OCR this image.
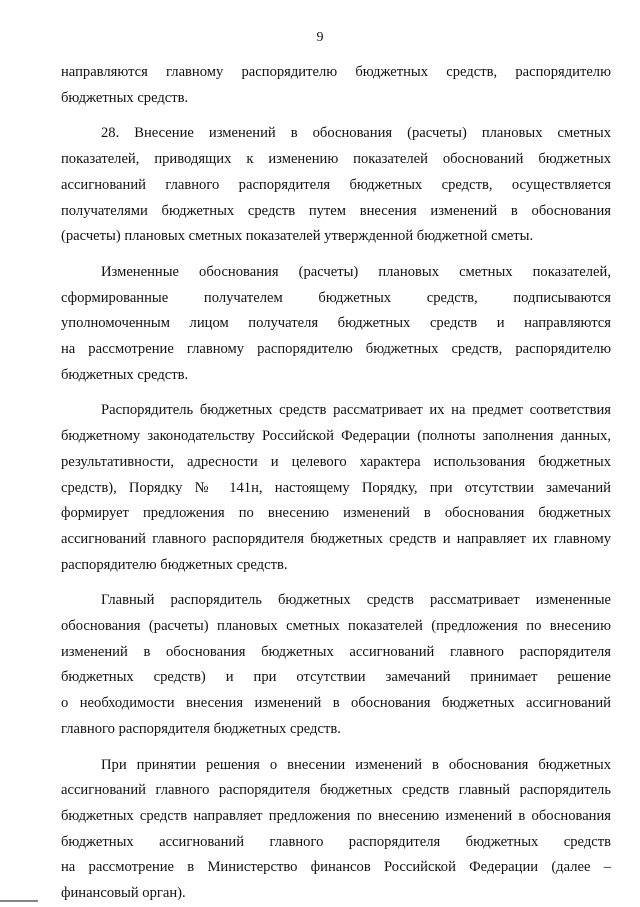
9

направляются главному распорядителю бюджетных средств, распорядителю
бюджетных средств.

28. Внесение изменений в обоснования (расчеты) плановых сметных
показателей, приводящих к изменению показателей обоснований бюджетных
ассигнований главного распорядителя бюджетных средств, осуществляется
получателями бюджетных средств путем внесения изменений в обоснования
(расчеты) плановых сметных показателей утвержденной бюджетной сметы.

Измененные обоснования (расчеты) плановых сметных показателей,
сформированные получателем бюджетных средств, подписываются
уполномоченным лицом получателя бюджетных средств и направляются
на рассмотрение главному распорядителю бюджетных средств, распорядителю
бюджетных средств.

Распорядитель бюджетных средств рассматривает их на предмет соответствия
бюджетному законодательству Российской Федерации (полноты заполнения данных,
результативности, адресности и целевого характера использования бюджетных
средств), Порядку № 141н, настоящему Порядку, при отсутствии замечаний
формирует предложения по внесению изменений в обоснования бюджетных
ассигнований главного распорядителя бюджетных средств и направляет их главному
распорядителю бюджетных средств.

Главный распорядитель бюджетных средств рассматривает измененные
обоснования (расчеты) плановых сметных показателей (предложения по внесению
изменений в обоснования бюджетных ассигнований главного распорядителя
бюджетных средств) и при отсутствии замечаний принимает решение
о необходимости внесения изменений в обоснования бюджетных ассигнований
главного распорядителя бюджетных средств.

При принятии решения о внесении изменений в обоснования бюджетных
ассигнований главного распорядителя бюджетных средств главный распорядитель
бюджетных средств направляет предложения по внесению изменений в обоснования
бюджетных ассигнований главного распорядителя бюджетных средств
на рассмотрение в Министерство финансов Российской Федерации (далее –
финансовый орган).
